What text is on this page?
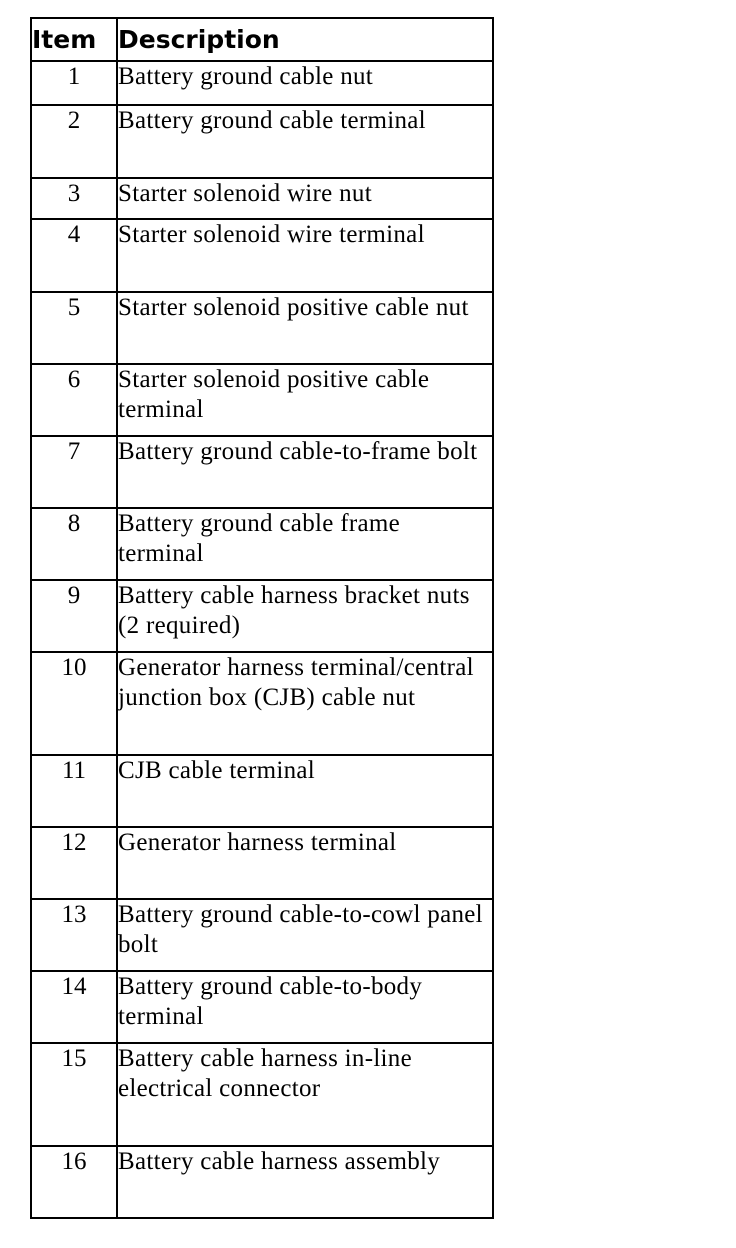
Item	Description
1	Battery ground cable nut
2	Battery ground cable terminal
3	Starter solenoid wire nut
4	Starter solenoid wire terminal
5	Starter solenoid positive cable nut
6	Starter solenoid positive cable terminal
7	Battery ground cable-to-frame bolt
8	Battery ground cable frame terminal
9	Battery cable harness bracket nuts (2 required)
10	Generator harness terminal/central junction box (CJB) cable nut
11	CJB cable terminal
12	Generator harness terminal
13	Battery ground cable-to-cowl panel bolt
14	Battery ground cable-to-body terminal
15	Battery cable harness in-line electrical connector
16	Battery cable harness assembly
